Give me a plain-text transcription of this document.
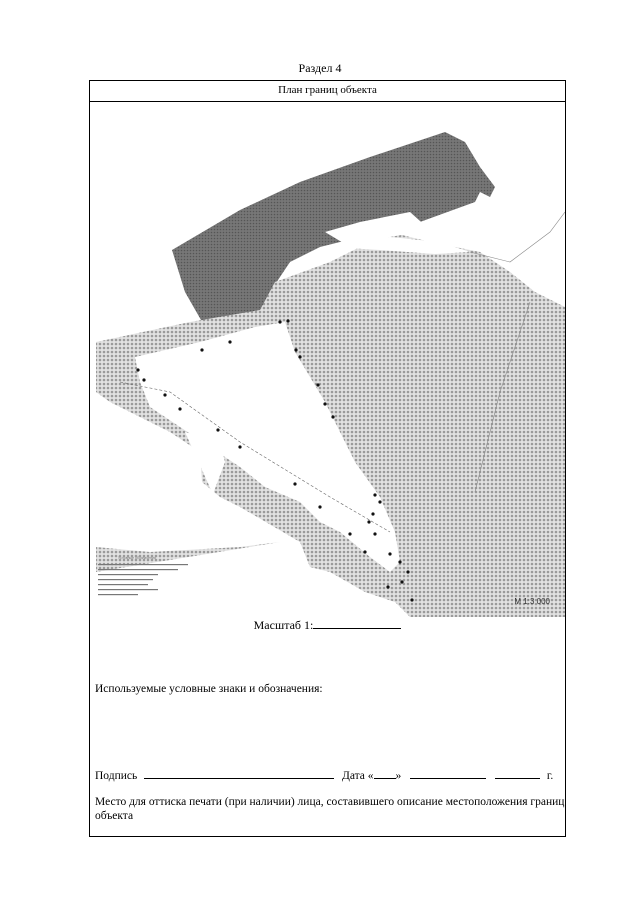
Раздел 4
План границ объекта
Условные обозначения
М 1:3 000
Масштаб 1:
Используемые условные знаки и обозначения:
Подпись	Дата « »	г.
Место для оттиска печати (при наличии) лица, составившего описание местоположения границ объекта
